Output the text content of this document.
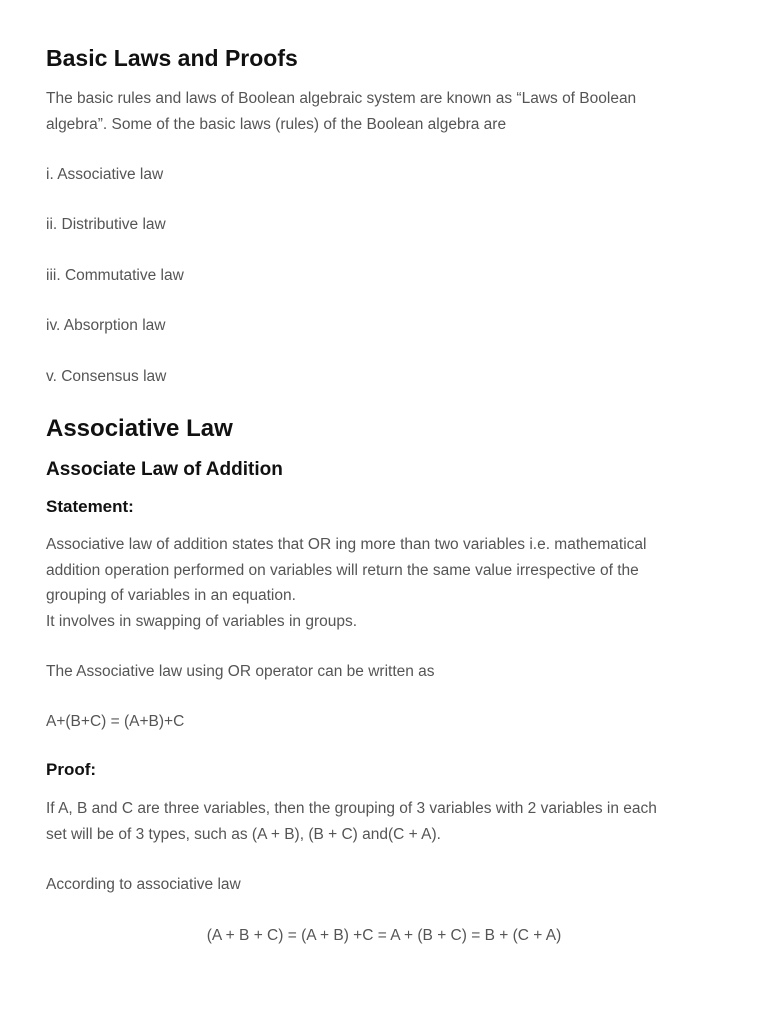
Basic Laws and Proofs
The basic rules and laws of Boolean algebraic system are known as “Laws of Boolean
algebra”. Some of the basic laws (rules) of the Boolean algebra are
i. Associative law
ii. Distributive law
iii. Commutative law
iv. Absorption law
v. Consensus law
Associative Law
Associate Law of Addition
Statement:
Associative law of addition states that OR ing more than two variables i.e. mathematical
addition operation performed on variables will return the same value irrespective of the
grouping of variables in an equation.
It involves in swapping of variables in groups.
The Associative law using OR operator can be written as
A+(B+C) = (A+B)+C
Proof:
If A, B and C are three variables, then the grouping of 3 variables with 2 variables in each
set will be of 3 types, such as (A + B), (B + C) and(C + A).
According to associative law
(A + B + C) = (A + B) +C = A + (B + C) = B + (C + A)
